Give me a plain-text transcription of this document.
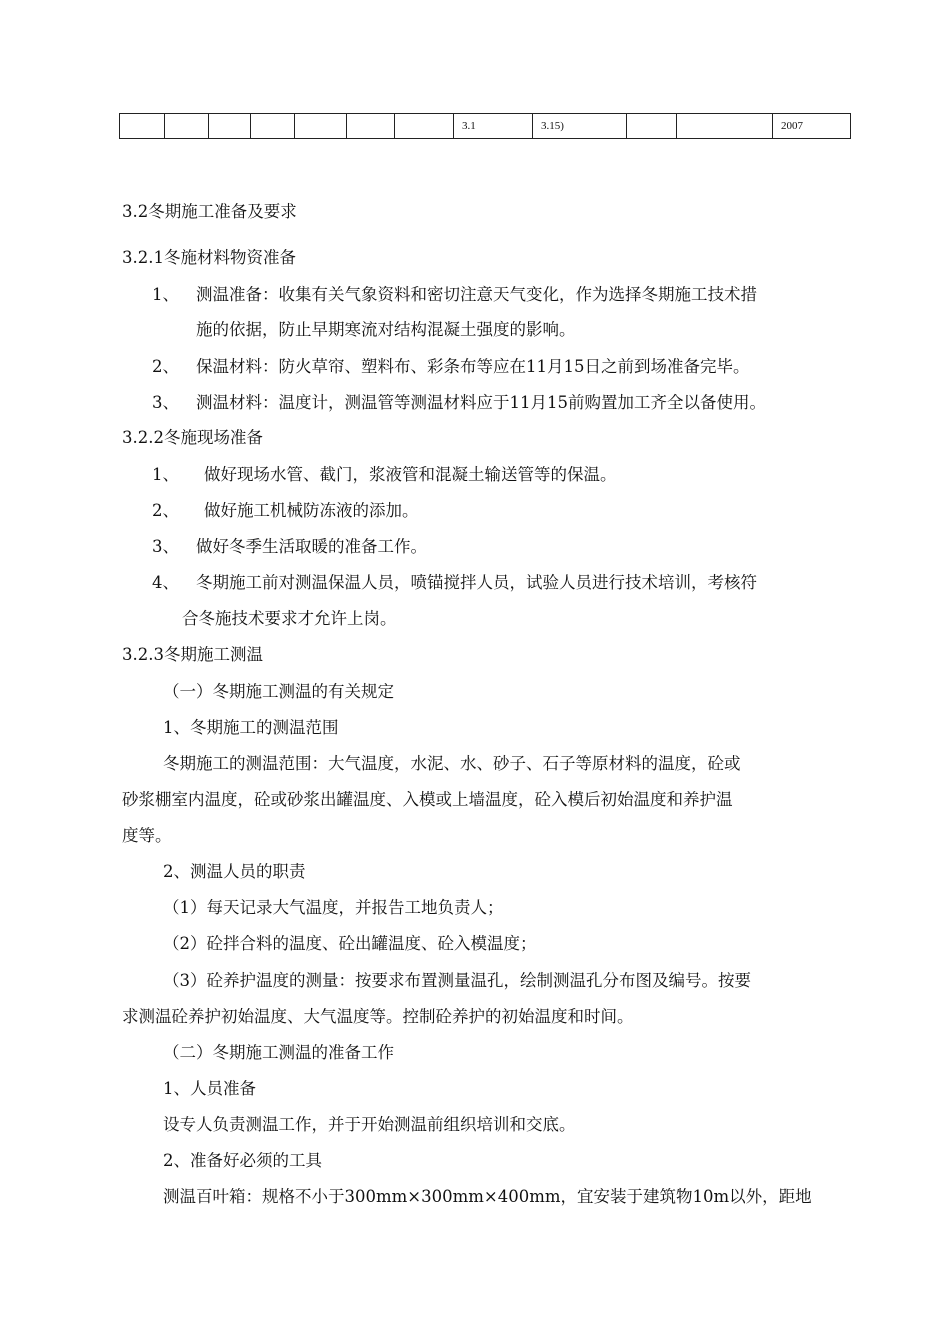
							3.1	3.15)			2007
3.2冬期施工准备及要求
3.2.1冬施材料物资准备
1、 测温准备：收集有关气象资料和密切注意天气变化，作为选择冬期施工技术措
施的依据，防止早期寒流对结构混凝土强度的影响。
2、 保温材料：防火草帘、塑料布、彩条布等应在11月15日之前到场准备完毕。
3、 测温材料：温度计，测温管等测温材料应于11月15前购置加工齐全以备使用。
3.2.2冬施现场准备
1、 做好现场水管、截门，浆液管和混凝土输送管等的保温。
2、 做好施工机械防冻液的添加。
3、 做好冬季生活取暖的准备工作。
4、 冬期施工前对测温保温人员，喷锚搅拌人员，试验人员进行技术培训，考核符
合冬施技术要求才允许上岗。
3.2.3冬期施工测温
（一）冬期施工测温的有关规定
1、冬期施工的测温范围
冬期施工的测温范围：大气温度，水泥、水、砂子、石子等原材料的温度，砼或
砂浆棚室内温度，砼或砂浆出罐温度、入模或上墙温度，砼入模后初始温度和养护温
度等。
2、测温人员的职责
（1）每天记录大气温度，并报告工地负责人；
（2）砼拌合料的温度、砼出罐温度、砼入模温度；
（3）砼养护温度的测量：按要求布置测量温孔，绘制测温孔分布图及编号。按要
求测温砼养护初始温度、大气温度等。控制砼养护的初始温度和时间。
（二）冬期施工测温的准备工作
1、人员准备
设专人负责测温工作，并于开始测温前组织培训和交底。
2、准备好必须的工具
测温百叶箱：规格不小于300mm×300mm×400mm，宜安装于建筑物10m以外，距地
